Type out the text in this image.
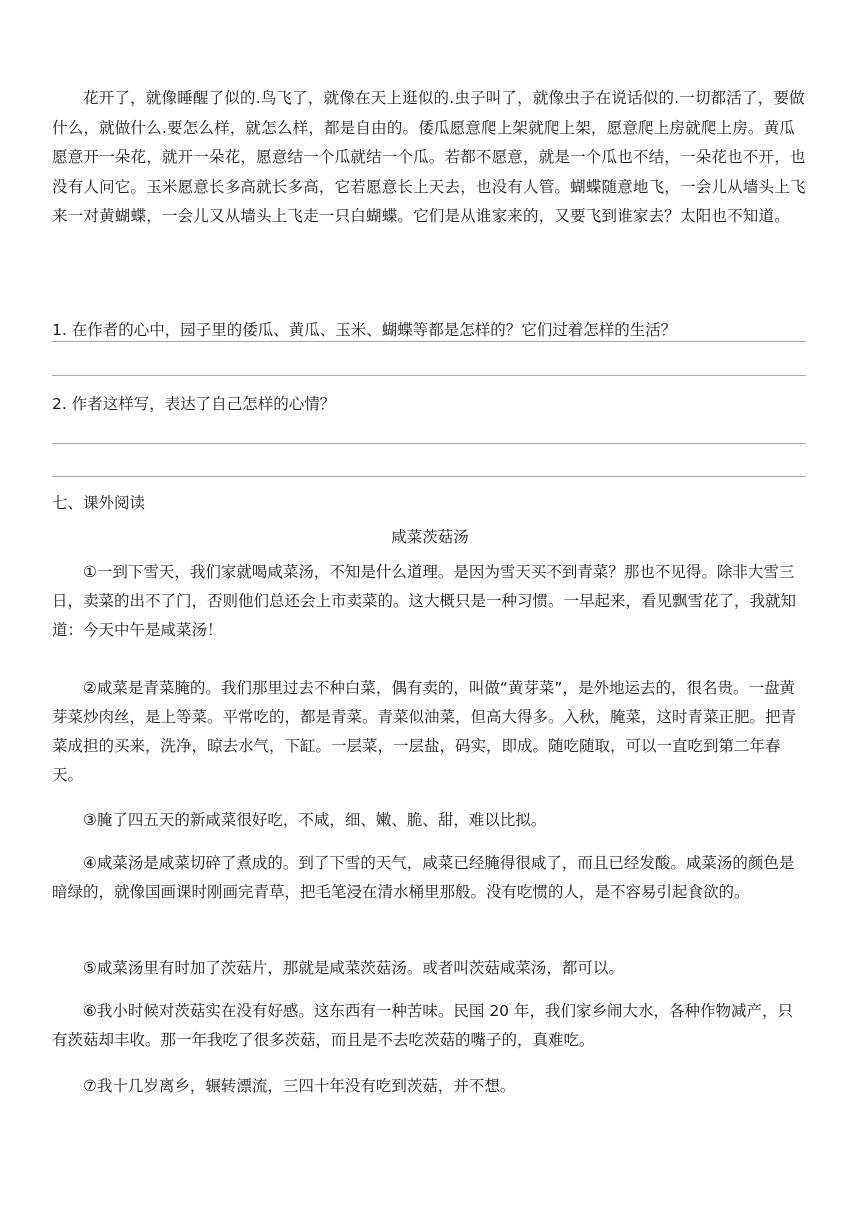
花开了，就像睡醒了似的.鸟飞了，就像在天上逛似的.虫子叫了，就像虫子在说话似的.一切都活了，要做什么，就做什么.要怎么样，就怎么样，都是自由的。倭瓜愿意爬上架就爬上架，愿意爬上房就爬上房。黄瓜愿意开一朵花，就开一朵花，愿意结一个瓜就结一个瓜。若都不愿意，就是一个瓜也不结，一朵花也不开，也没有人问它。玉米愿意长多高就长多高，它若愿意长上天去，也没有人管。蝴蝶随意地飞，一会儿从墙头上飞来一对黄蝴蝶，一会儿又从墙头上飞走一只白蝴蝶。它们是从谁家来的，又要飞到谁家去？太阳也不知道。

1. 在作者的心中，园子里的倭瓜、黄瓜、玉米、蝴蝶等都是怎样的？它们过着怎样的生活？

2. 作者这样写，表达了自己怎样的心情？

七、课外阅读
咸菜茨菇汤

①一到下雪天，我们家就喝咸菜汤，不知是什么道理。是因为雪天买不到青菜？那也不见得。除非大雪三日，卖菜的出不了门，否则他们总还会上市卖菜的。这大概只是一种习惯。一早起来，看见飘雪花了，我就知道：今天中午是咸菜汤！

②咸菜是青菜腌的。我们那里过去不种白菜，偶有卖的，叫做“黄芽菜”，是外地运去的，很名贵。一盘黄芽菜炒肉丝，是上等菜。平常吃的，都是青菜。青菜似油菜，但高大得多。入秋，腌菜，这时青菜正肥。把青菜成担的买来，洗净，晾去水气，下缸。一层菜，一层盐，码实，即成。随吃随取，可以一直吃到第二年春天。

③腌了四五天的新咸菜很好吃，不咸，细、嫩、脆、甜，难以比拟。

④咸菜汤是咸菜切碎了煮成的。到了下雪的天气，咸菜已经腌得很咸了，而且已经发酸。咸菜汤的颜色是暗绿的，就像国画课时刚画完青草，把毛笔浸在清水桶里那般。没有吃惯的人，是不容易引起食欲的。

⑤咸菜汤里有时加了茨菇片，那就是咸菜茨菇汤。或者叫茨菇咸菜汤，都可以。

⑥我小时候对茨菇实在没有好感。这东西有一种苦味。民国 20 年，我们家乡闹大水，各种作物减产，只有茨菇却丰收。那一年我吃了很多茨菇，而且是不去吃茨菇的嘴子的，真难吃。

⑦我十几岁离乡，辗转漂流，三四十年没有吃到茨菇，并不想。
